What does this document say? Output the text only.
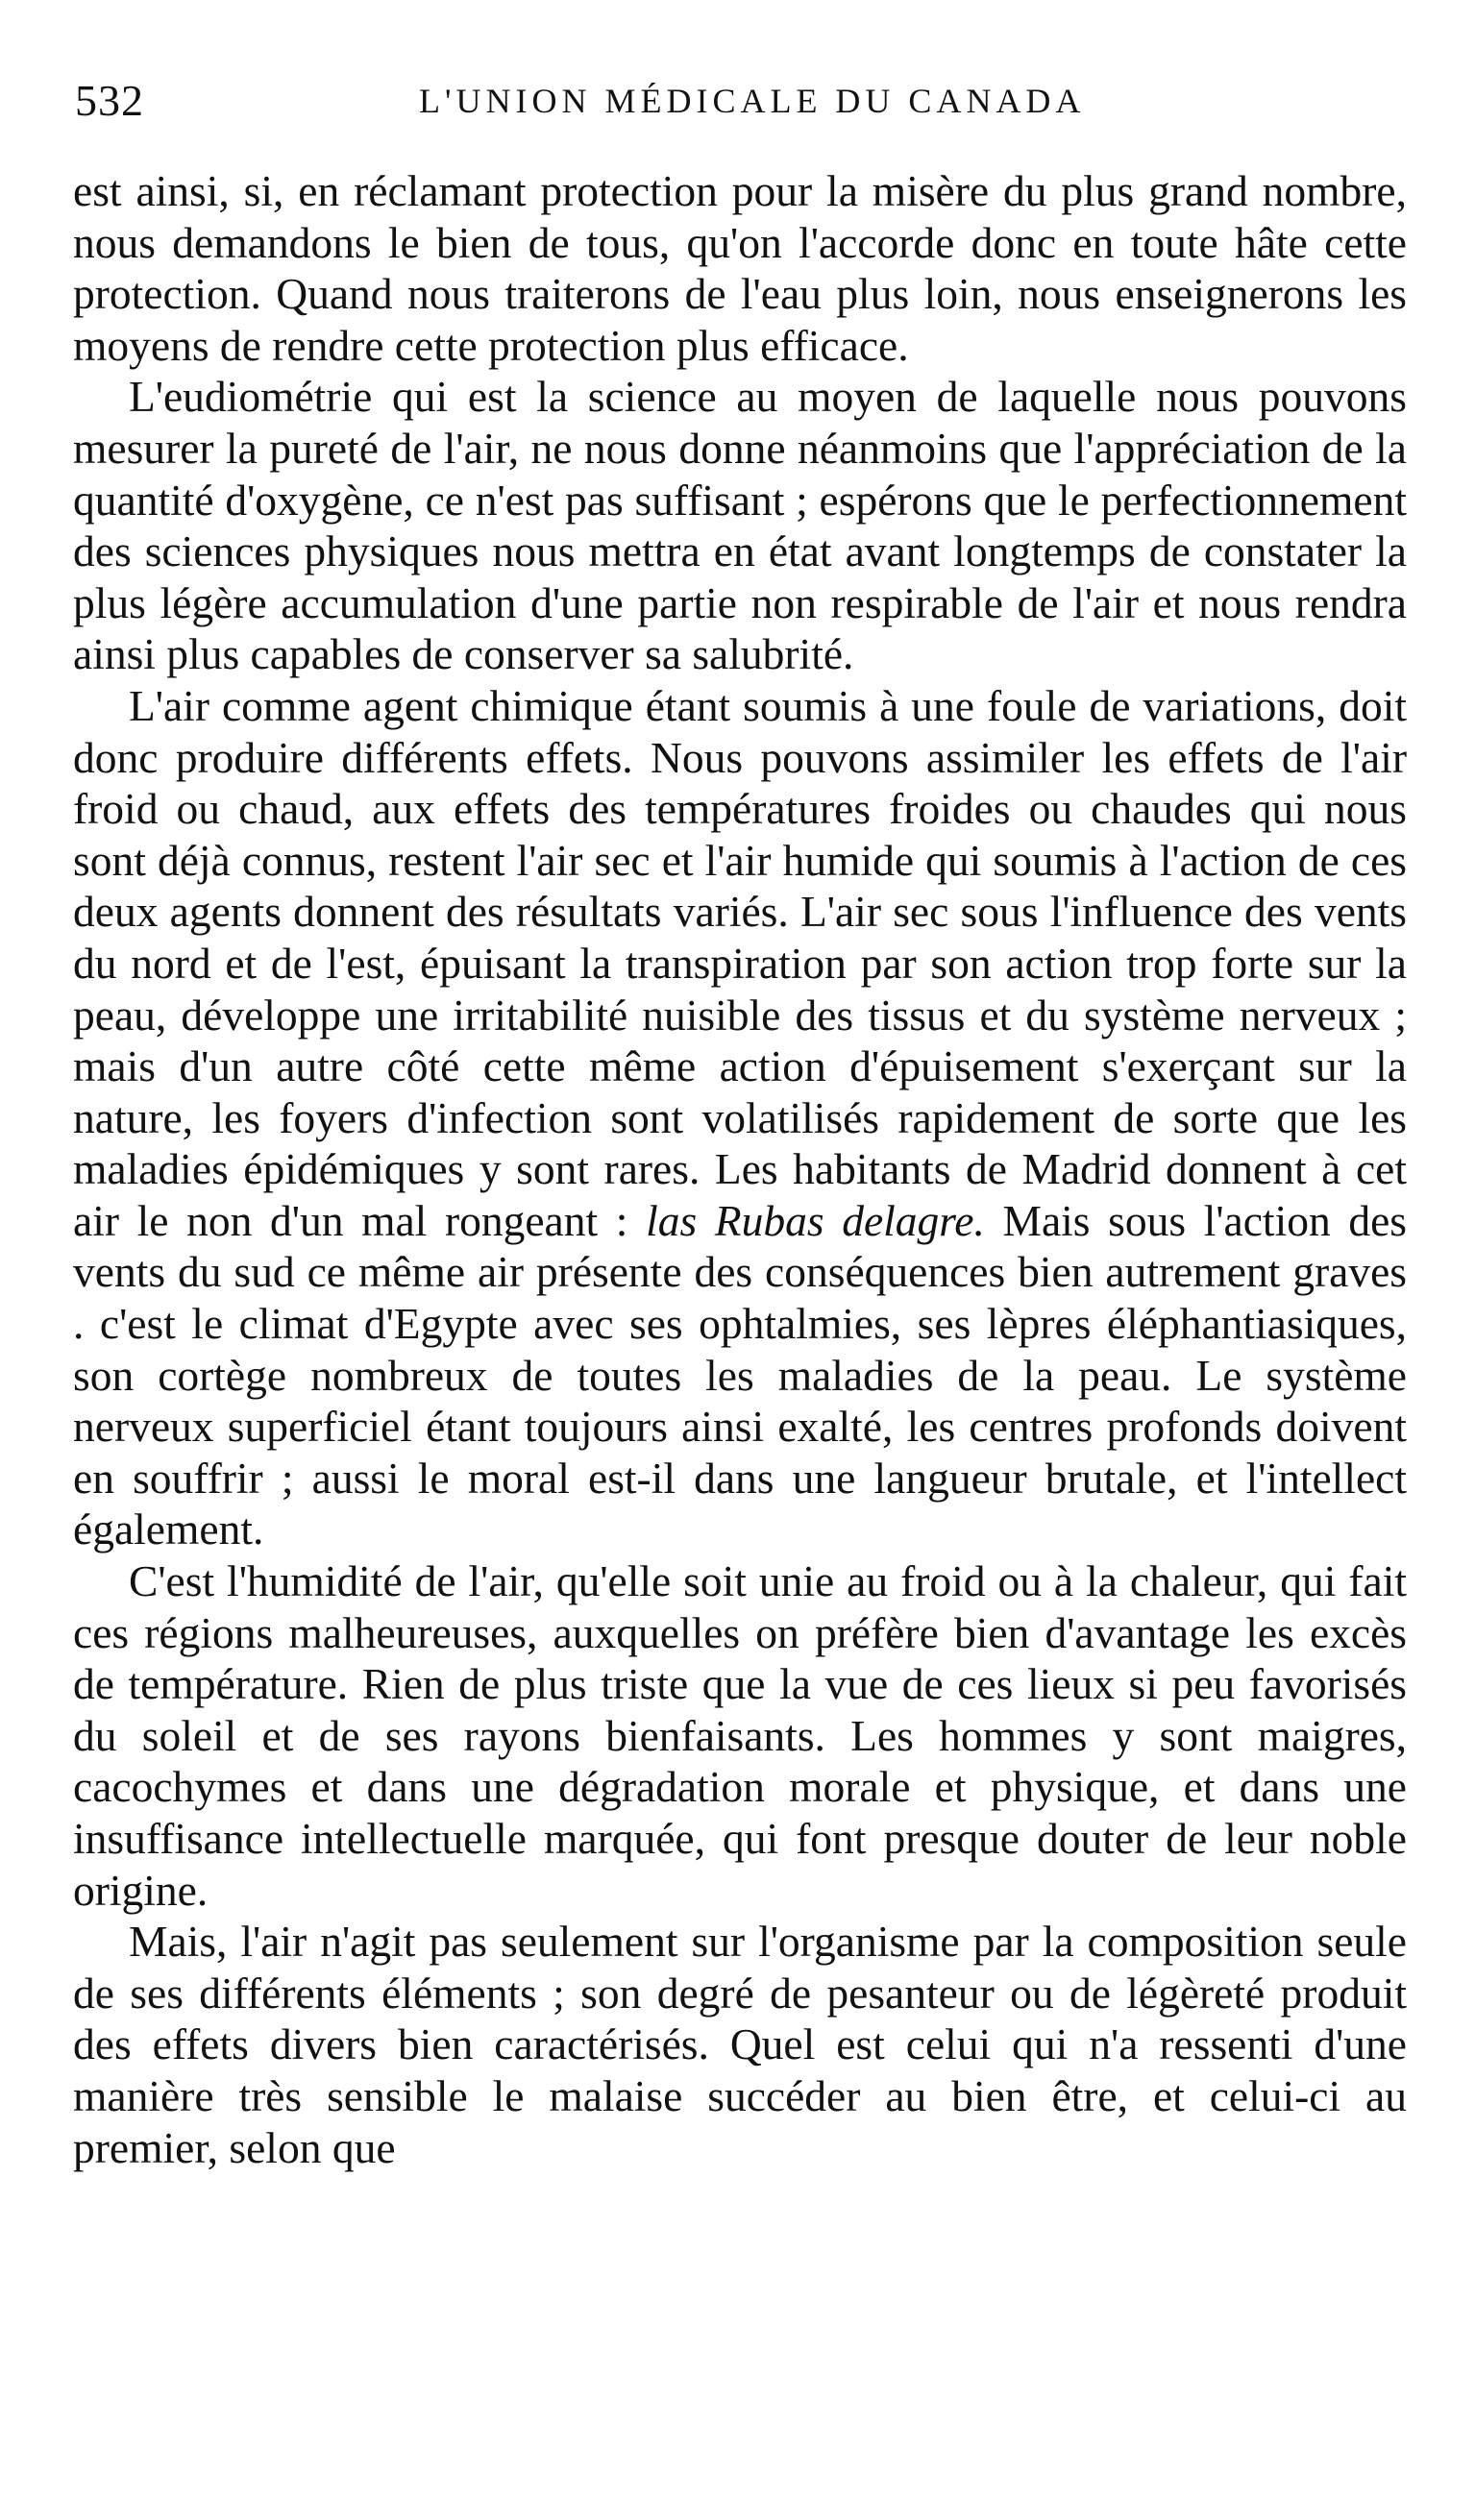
532	L'UNION MÉDICALE DU CANADA

est ainsi, si, en réclamant protection pour la misère du plus grand nombre, nous demandons le bien de tous, qu'on l'accorde donc en toute hâte cette protection. Quand nous traiterons de l'eau plus loin, nous enseignerons les moyens de rendre cette protection plus efficace.

L'eudiométrie qui est la science au moyen de laquelle nous pouvons mesurer la pureté de l'air, ne nous donne néanmoins que l'appréciation de la quantité d'oxygène, ce n'est pas suffisant ; espérons que le perfectionnement des sciences physiques nous mettra en état avant longtemps de constater la plus légère accumulation d'une partie non respirable de l'air et nous rendra ainsi plus capables de conserver sa salubrité.

L'air comme agent chimique étant soumis à une foule de variations, doit donc produire différents effets. Nous pouvons assimiler les effets de l'air froid ou chaud, aux effets des températures froides ou chaudes qui nous sont déjà connus, restent l'air sec et l'air humide qui soumis à l'action de ces deux agents donnent des résultats variés. L'air sec sous l'influence des vents du nord et de l'est, épuisant la transpiration par son action trop forte sur la peau, développe une irritabilité nuisible des tissus et du système nerveux ; mais d'un autre côté cette même action d'épuisement s'exerçant sur la nature, les foyers d'infection sont volatilisés rapidement de sorte que les maladies épidémiques y sont rares. Les habitants de Madrid donnent à cet air le non d'un mal rongeant : las Rubas delagre. Mais sous l'action des vents du sud ce même air présente des conséquences bien autrement graves . c'est le climat d'Egypte avec ses ophtalmies, ses lèpres éléphantiasiques, son cortège nombreux de toutes les maladies de la peau. Le système nerveux superficiel étant toujours ainsi exalté, les centres profonds doivent en souffrir ; aussi le moral est-il dans une langueur brutale, et l'intellect également.

C'est l'humidité de l'air, qu'elle soit unie au froid ou à la chaleur, qui fait ces régions malheureuses, auxquelles on préfère bien d'avantage les excès de température. Rien de plus triste que la vue de ces lieux si peu favorisés du soleil et de ses rayons bienfaisants. Les hommes y sont maigres, cacochymes et dans une dégradation morale et physique, et dans une insuffisance intellectuelle marquée, qui font presque douter de leur noble origine.

Mais, l'air n'agit pas seulement sur l'organisme par la composition seule de ses différents éléments ; son degré de pesanteur ou de légèreté produit des effets divers bien caractérisés. Quel est celui qui n'a ressenti d'une manière très sensible le malaise succéder au bien être, et celui-ci au premier, selon que
